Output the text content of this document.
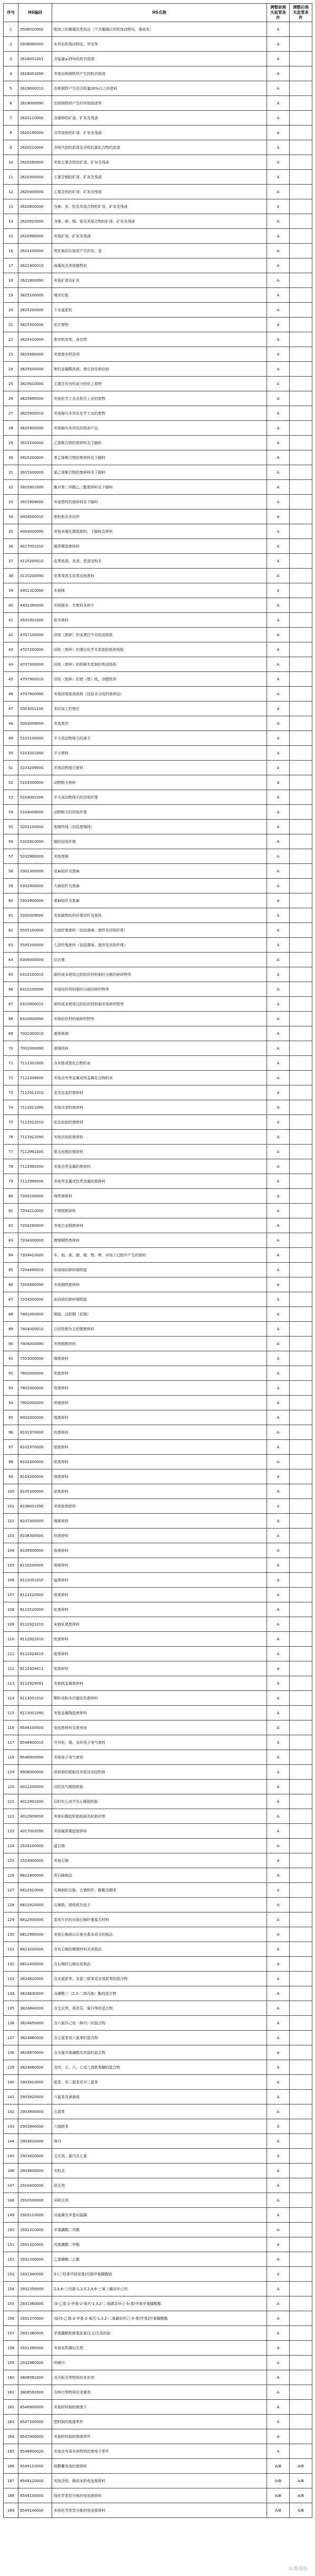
序号	HS编码	HS名称	调整前海关监管条件	调整后海关监管条件
1	0508010000	粗加工的珊瑚及类似品（不含珊瑚以外软体动物壳、墨鱼骨）	A	
2	0508090000	未列名软体动物壳、甲壳等	A	
3	2618001001	含锰量≥25%的粒状熔渣	A	
4	2618001090	其他冶炼钢铁所产生的粒状熔渣	A	
5	2619000010	冶炼钢铁产生的含钒量30%以上的废料	A	
6	2619000090	冶炼钢铁所产生的其他熔渣等	A	
7	2620110000	含硬锌的矿渣、矿灰及残渣	A	
8	2620190000	含其他锌的矿渣、矿灰及残渣	A	
9	2620210000	含铅汽油的淤渣及含铅抗震化合物的淤渣	A	
10	2620290000	其他主要含铅的矿渣、矿灰及残渣	A	
11	2620300000	主要含铜的矿渣、矿灰及残渣	A	
12	2620400000	主要含铝的矿渣、矿灰及残渣	A	
13	2620600000	含砷、汞、铊及其混合物的矿渣、矿灰及残渣	A	
14	2620910000	含锑、铍、镉、铬及其混合物的矿渣、矿灰及残渣	A	
15	2620990000	其他矿渣、矿灰及残渣	A	
16	2621100000	焚化城市垃圾所产生的灰、渣	A	
17	2621900010	海藻灰及其他植物灰	A	
18	2621900090	其他矿渣及矿灰	A	
19	3825100000	城市垃圾	A	
20	3825200000	下水道淤泥	A	
21	3825300000	医疗废物	A	
22	3825410000	废有机溶剂，卤化物	A	
23	3825490000	其他废有机溶剂	A	
24	3825500000	废的金属酸洗液、液压油及制动油	A	
25	3825610000	主要含有有机成分的化工废物	A	
26	3825690000	其他化学工业及相关工业的废物	A	
27	3825900010	其他编号未列名化学工业的废物	A	
28	3825900090	其他编号未列名的残余产品	A	
29	3915100000	乙烯聚合物的废碎料及下脚料	A	
30	3915200000	苯乙烯聚合物的废碎料及下脚料	A	
31	3915300000	氯乙烯聚合物的废碎料及下脚料	A	
32	3915901000	聚对苯二甲酸乙二酯废碎料及下脚料	A	
33	3915909000	其他塑料的废碎料及下脚料	A	
34	4004000010	废轮胎及其切块	A	
35	4004000090	其他未硬化橡胶废料、下脚料及碎料	A	
36	4017001010	硬质橡胶废碎料	A	
37	4115200010	皮革废渣、灰渣、淤渣及粉末	A	
38	4115200090	皮革或再生皮革边角废料	A	
39	4401310000	木屑棒	A	
40	4401390000	其他锯末、木废料及碎片	A	
41	4501901000	软木废料	A	
42	4707100000	回收（废碎）的未漂白牛皮纸或纸板	A	
43	4707200000	回收（废碎）的漂白化学木浆制的纸和纸板	A	
44	4707300000	回收（废碎）的机械木浆制的纸或纸板	A	
45	4707900010	回收（废碎）的墙（壁）纸、涂蜡纸等	A	
46	4707900090	其他回收纸或纸板（包括未分选的废碎品）	A	
47	5003001100	未经加工的废丝	A	
48	5003009000	其他废丝	A	
49	5103100000	羊毛或动物细毛的落毛	A	
50	5103201000	羊毛废料	A	
51	5103209000	其他动物细毛废料	A	
52	5103300000	动物粗毛废料	A	
53	5104001000	羊毛或动物细毛的回收纤维	A	
54	5104009000	动物粗毛的回收纤维	A	
55	5202100000	废棉纱线（包括废棉线）	A	
56	5202910000	棉的回收纤维	A	
57	5202990000	其他废棉	A	
58	5301300000	亚麻短纤及废麻	A	
59	5302900000	大麻短纤及废麻	A	
60	5303900000	黄麻短纤及废麻	A	
61	5305009000	其他植物纺织纤维短纤及废料	A	
62	5505100000	合成纤维废料（包括落绵、废纱及回收纤维）	A	
63	5505200000	人造纤维废料（包括落绵、废纱及回收纤维）	A	
64	6309000000	旧衣着	A	
65	6310100010	新的或未使用过的纺织材料制经分拣的碎织物等	A	
66	6310100090	其他纺织材料制经分拣的碎织物等	A	
67	6310900010	新的或未使用过的纺织材料制其他碎织物等	A	
68	6310900090	其他纺织材料制碎织物等	A	
69	7001000010	废碎玻璃	A	
70	7001000090	玻璃块料	A	
71	7112301000	含有银或银化合物的灰	A	
72	7112309000	其他含有贵金属或贵金属化合物的灰	A	
73	7112911010	金及包金的废碎料	A	
74	7112911090	其他含金的废碎料	A	
75	7112912010	铂及包铂的废碎料	A	
76	7112912090	其他含铂的废碎料	A	
77	7112991000	银及包银的废碎料	A	
78	7112992000	其他含贵金属的废碎料	A	
79	7112999000	其他贵金属或包贵金属的废碎料	A	
80	7204100000	铸铁废碎料	A	
81	7204210000	不锈钢废碎料	A	
82	7204290000	其他合金钢废碎料	A	
83	7204300000	镀锡钢铁废碎料	A	
84	7204410000	车、刨、铣、磨、锯、锉、剪、冲加工过程中产生的废料	A	
85	7204490010	供再熔的碎料钢铁锭	A	
86	7204490090	其他钢铁废碎料	A	
87	7204500000	供再熔的碎料钢铁锭	A	
88	7401000000	铜锍；沉积铜（泥铜）	A	
89	7404000010	以回收铜为主的铜废碎料	A	
90	7404000090	其他铜废碎料	A	
91	7503000000	镍废碎料	A	
92	7602000000	铝废碎料	A	
93	7802000000	铅废碎料	A	
94	7902000000	锌废碎料	A	
95	8002000000	锡废碎料	A	
96	8101970000	钨废碎料	A	
97	8102970000	钼废碎料	A	
98	8103300000	钽废碎料	A	
99	8104200000	镁废碎料	A	
100	8105300000	钴废碎料	A	
101	8106001090	其他铋废碎料	A	
102	8107300000	镉废碎料	A	
103	8108300000	钛废碎料	A	
104	8109300000	锆废碎料	A	
105	8110200000	锑废碎料	A	
106	8111001010	锰废碎料	A	
107	8112220000	铬废碎料	A	
108	8112520000	铊废碎料	A	
109	8112921010	未锻轧锗废碎料	A	
110	8112922010	钒废碎料	A	
111	8112924010	铌废碎料	A	
112	8112929011	铪废碎料	A	
113	8112929091	其他贱金属废碎料	A	
114	8113001010	颗粒或粉末状碳化钨废碎料	A	
115	8113001090	其他金属陶瓷废碎料	A	
116	8548100000	电池废碎料及废电池	A	
117	8548900010	含有铅、镉、汞的电子电气废料	A	
118	8548900090	其他电子电气废料	A	
119	8908000000	供拆卸的船舶及其他浮动结构体	A	
120	4012200000	旧的充气橡胶轮胎	A	
121	4012901000	旧的实心或半实心橡胶轮胎	A	
122	4012909000	其他旧橡胶轮胎胎面及轮胎衬带	A	
123	4017002090	其他硬质橡胶废碎料	A	
124	2524100000	温石棉	A	
125	2524900000	其他石棉	A	
126	6812800000	青石棉制品	A	
127	6812910000	石棉制的衣服、衣着附件、鞋靴及帽类	A	
128	6812920000	石棉纸、厚纸板及毡子	A	
129	6812930000	卷或片状的压缩石棉纤维接合材料	A	
130	6812990000	其他石棉或以石棉为基本成分的制品	A	
131	6813200000	含有石棉的摩擦材料及其制品	A	
132	6811400000	含石棉的石棉水泥制品	A	
133	3824820000	含多氯联苯、多氯三联苯或多溴联苯的混合物	A	
134	3824830000	含磷酸三（2,3-二溴丙基）酯的混合物	A	
135	3824840000	含艾氏剂、毒杀芬、氯丹等的混合物	A	
136	3824850000	含六氯环己烷（林丹）的混合物	A	
137	3824860000	含五氯苯或六氯苯的混合物	A	
138	3824870000	含全氟辛基磺酸及其盐的混合物	A	
139	3824880000	含四、五、六、七或八溴联苯醚的混合物	A	
140	2903910000	氯苯、邻二氯苯及对二氯苯	A	
141	2903920000	六氯苯及滴滴涕	A	
142	2903930000	五氯苯	A	
143	2903940000	六溴联苯	A	
144	2903810000	林丹	A	
145	2903820000	艾氏剂、氯丹及七氯	A	
146	2903830000	灭蚁灵	A	
147	2910400000	狄氏剂	A	
148	2910500000	异狄氏剂	A	
149	2920110000	对硫磷及甲基对硫磷	A	
150	2931310000	甲基膦酸二甲酯	A	
151	2931320000	丙基膦酸二甲酯	A	
152	2931330000	乙基膦酸二乙酯	A	
153	2931340000	3-(三羟基甲硅烷基)丙基甲基膦酸钠	A	
154	2931350000	2,4,6-三丙基-1,3,5,2,4,6-三氧三磷杂环己烷	A	
155	2931360000	(5-乙基-2-甲基-2-氧代-1,3,2-二氧磷杂环己-5-基)甲基甲基膦酸酯	A	
156	2931370000	双[(5-乙基-2-甲基-2-氧代-1,3,2-二氧磷杂环己-5-基)甲基]甲基膦酸酯	A	
157	2931380000	甲基膦酸和脒基尿素(1:1)生成的盐	A	
158	2931390000	其他有机磷衍生物	A	
159	2932960000	呋喃丹	A	
160	3808591000	含灭蚁灵等物质的杀虫剂	A	
161	3808592000	含林丹等物质的杀菌剂	A	
162	8546900000	其他材料制的绝缘子	A	
163	8547200000	塑料制的绝缘零件	A	
164	8547900000	其他材料制的绝缘零件	A	
165	8548900020	其他含有毒有害物质的废电子零件	A	
166	8549110000	铅酸蓄电池的废碎料	A/B	A/B
167	8549120000	其他含铅、镉或汞的电池废碎料	A/B	A/B
168	8549130000	按化学类型分拣的电池废碎料	A/B	A/B
169	8549140000	未按化学类型分拣的电池废碎料	A/B	A/B
标准排版
